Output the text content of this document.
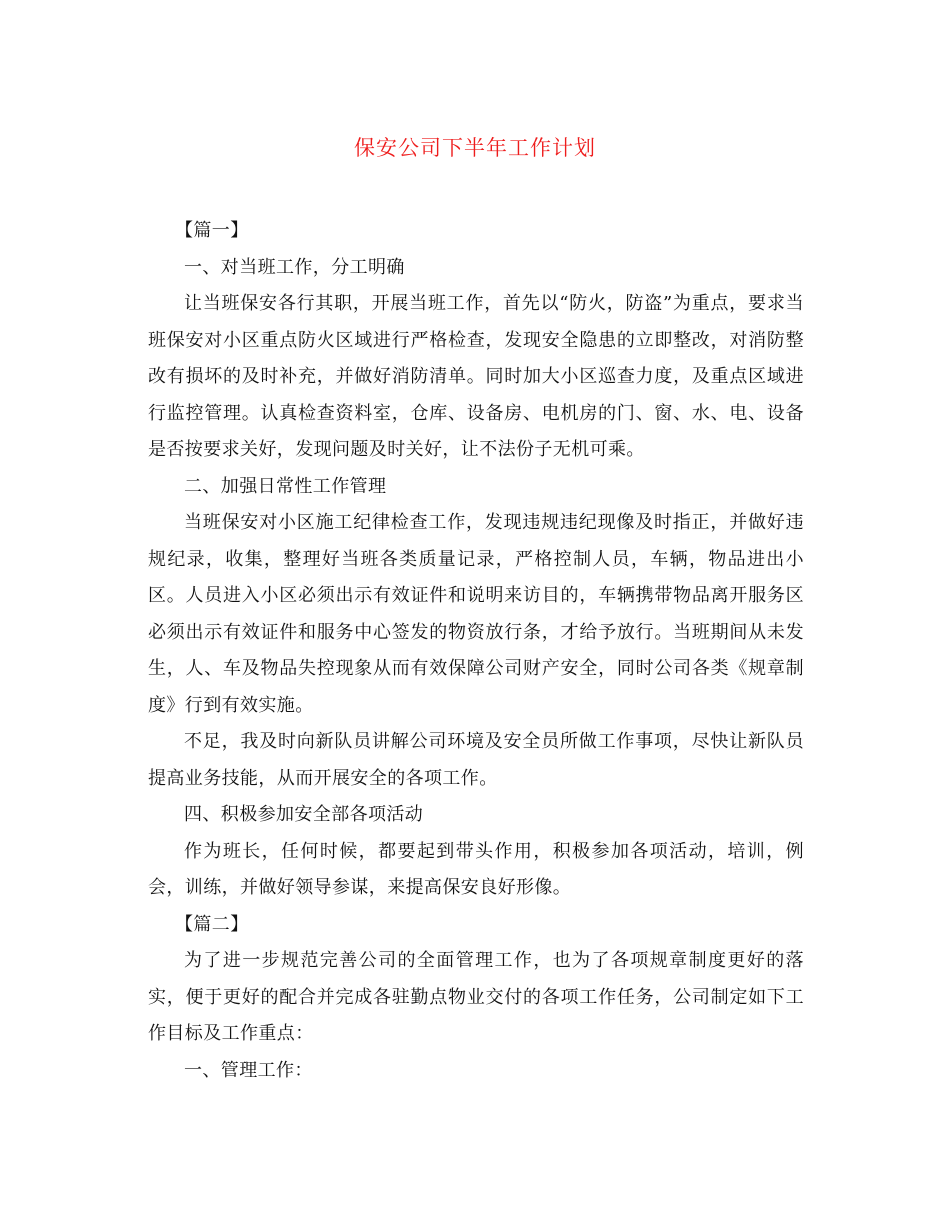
保安公司下半年工作计划

【篇一】

一、对当班工作，分工明确

让当班保安各行其职，开展当班工作，首先以“防火，防盗”为重点，要求当班保安对小区重点防火区域进行严格检查，发现安全隐患的立即整改，对消防整改有损坏的及时补充，并做好消防清单。同时加大小区巡查力度，及重点区域进行监控管理。认真检查资料室，仓库、设备房、电机房的门、窗、水、电、设备是否按要求关好，发现问题及时关好，让不法份子无机可乘。

二、加强日常性工作管理

当班保安对小区施工纪律检查工作，发现违规违纪现像及时指正，并做好违规纪录，收集，整理好当班各类质量记录，严格控制人员，车辆，物品进出小区。人员进入小区必须出示有效证件和说明来访目的，车辆携带物品离开服务区必须出示有效证件和服务中心签发的物资放行条，才给予放行。当班期间从未发生，人、车及物品失控现象从而有效保障公司财产安全，同时公司各类《规章制度》行到有效实施。

不足，我及时向新队员讲解公司环境及安全员所做工作事项，尽快让新队员提高业务技能，从而开展安全的各项工作。

四、积极参加安全部各项活动

作为班长，任何时候，都要起到带头作用，积极参加各项活动，培训，例会，训练，并做好领导参谋，来提高保安良好形像。

【篇二】

为了进一步规范完善公司的全面管理工作，也为了各项规章制度更好的落实，便于更好的配合并完成各驻勤点物业交付的各项工作任务，公司制定如下工作目标及工作重点：

一、管理工作：
